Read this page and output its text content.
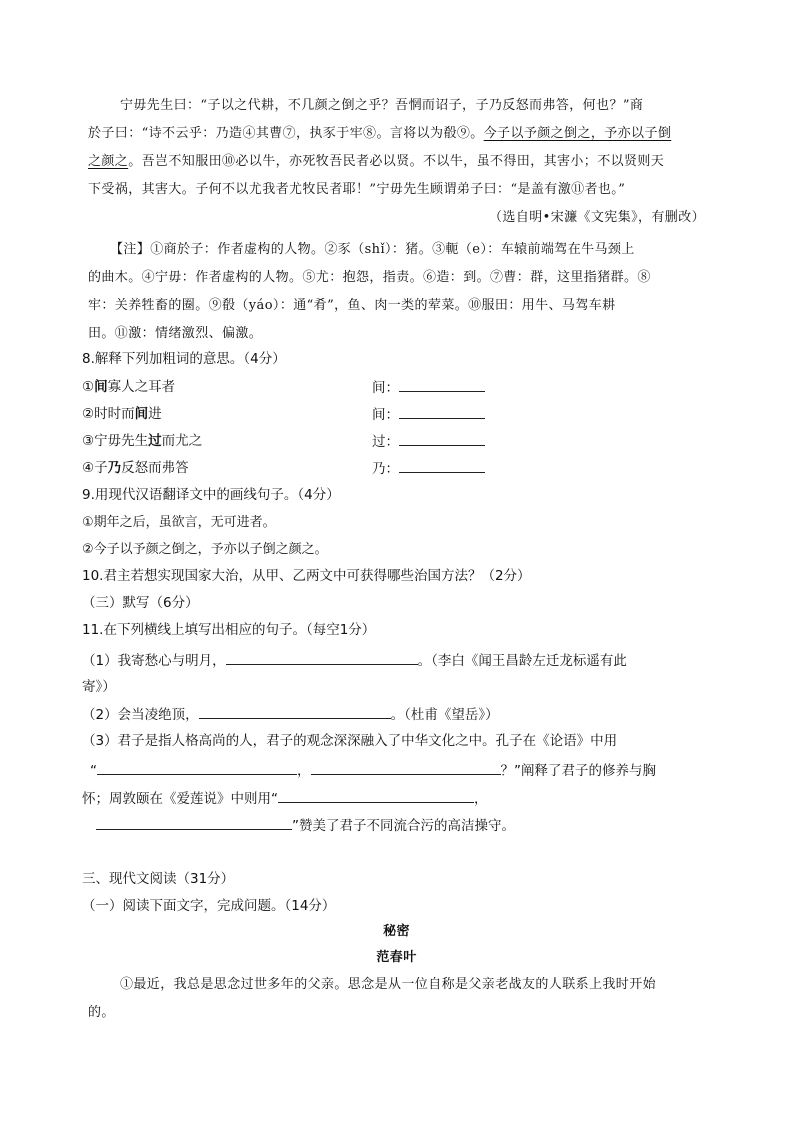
宁毋先生曰：“子以之代耕，不几颜之倒之乎？吾惘而诏子，子乃反怒而弗答，何也？”商
於子曰：“诗不云乎：乃造④其曹⑦，执豕于牢⑧。言将以为殽⑨。今子以予颜之倒之，予亦以子倒
之颜之。吾岂不知服田⑩必以牛，亦死牧吾民者必以贤。不以牛，虽不得田，其害小；不以贤则天
下受祸，其害大。子何不以尤我者尤牧民者耶！”宁毋先生顾谓弟子曰：“是盖有激⑪者也。”
（选自明•宋濂《文宪集》，有删改）
【注】①商於子：作者虚构的人物。②豕（shǐ）：猪。③軛（e）：车辕前端驾在牛马颈上
的曲木。④宁毋：作者虚构的人物。⑤尤：抱怨，指责。⑥造：到。⑦曹：群，这里指猪群。⑧
牢：关养牲畜的圈。⑨殽（yáo）：通“肴”，鱼、肉一类的荤菜。⑩服田：用牛、马驾车耕
田。⑪激：情绪激烈、偏激。
8.解释下列加粗词的意思。（4分）
①间寡人之耳者	间：
②时时而间进	间：
③宁毋先生过而尤之	过：
④子乃反怒而弗答	乃：
9.用现代汉语翻译文中的画线句子。（4分）
①期年之后，虽欲言，无可进者。
②今子以予颜之倒之，予亦以子倒之颜之。
10.君主若想实现国家大治，从甲、乙两文中可获得哪些治国方法？（2分）
（三）默写（6分）
11.在下列横线上填写出相应的句子。（每空1分）
（1）我寄愁心与明月，	。（李白《闻王昌龄左迁龙标遥有此
寄》）
（2）会当凌绝顶，	。（杜甫《望岳》）
（3）君子是指人格高尚的人，君子的观念深深融入了中华文化之中。孔子在《论语》中用
“	，	？”阐释了君子的修养与胸
怀；周敦颐在《爱莲说》中则用“	，
”赞美了君子不同流合污的高洁操守。
三、现代文阅读（31分）
（一）阅读下面文字，完成问题。（14分）
秘密
范春叶
①最近，我总是思念过世多年的父亲。思念是从一位自称是父亲老战友的人联系上我时开始
的。
